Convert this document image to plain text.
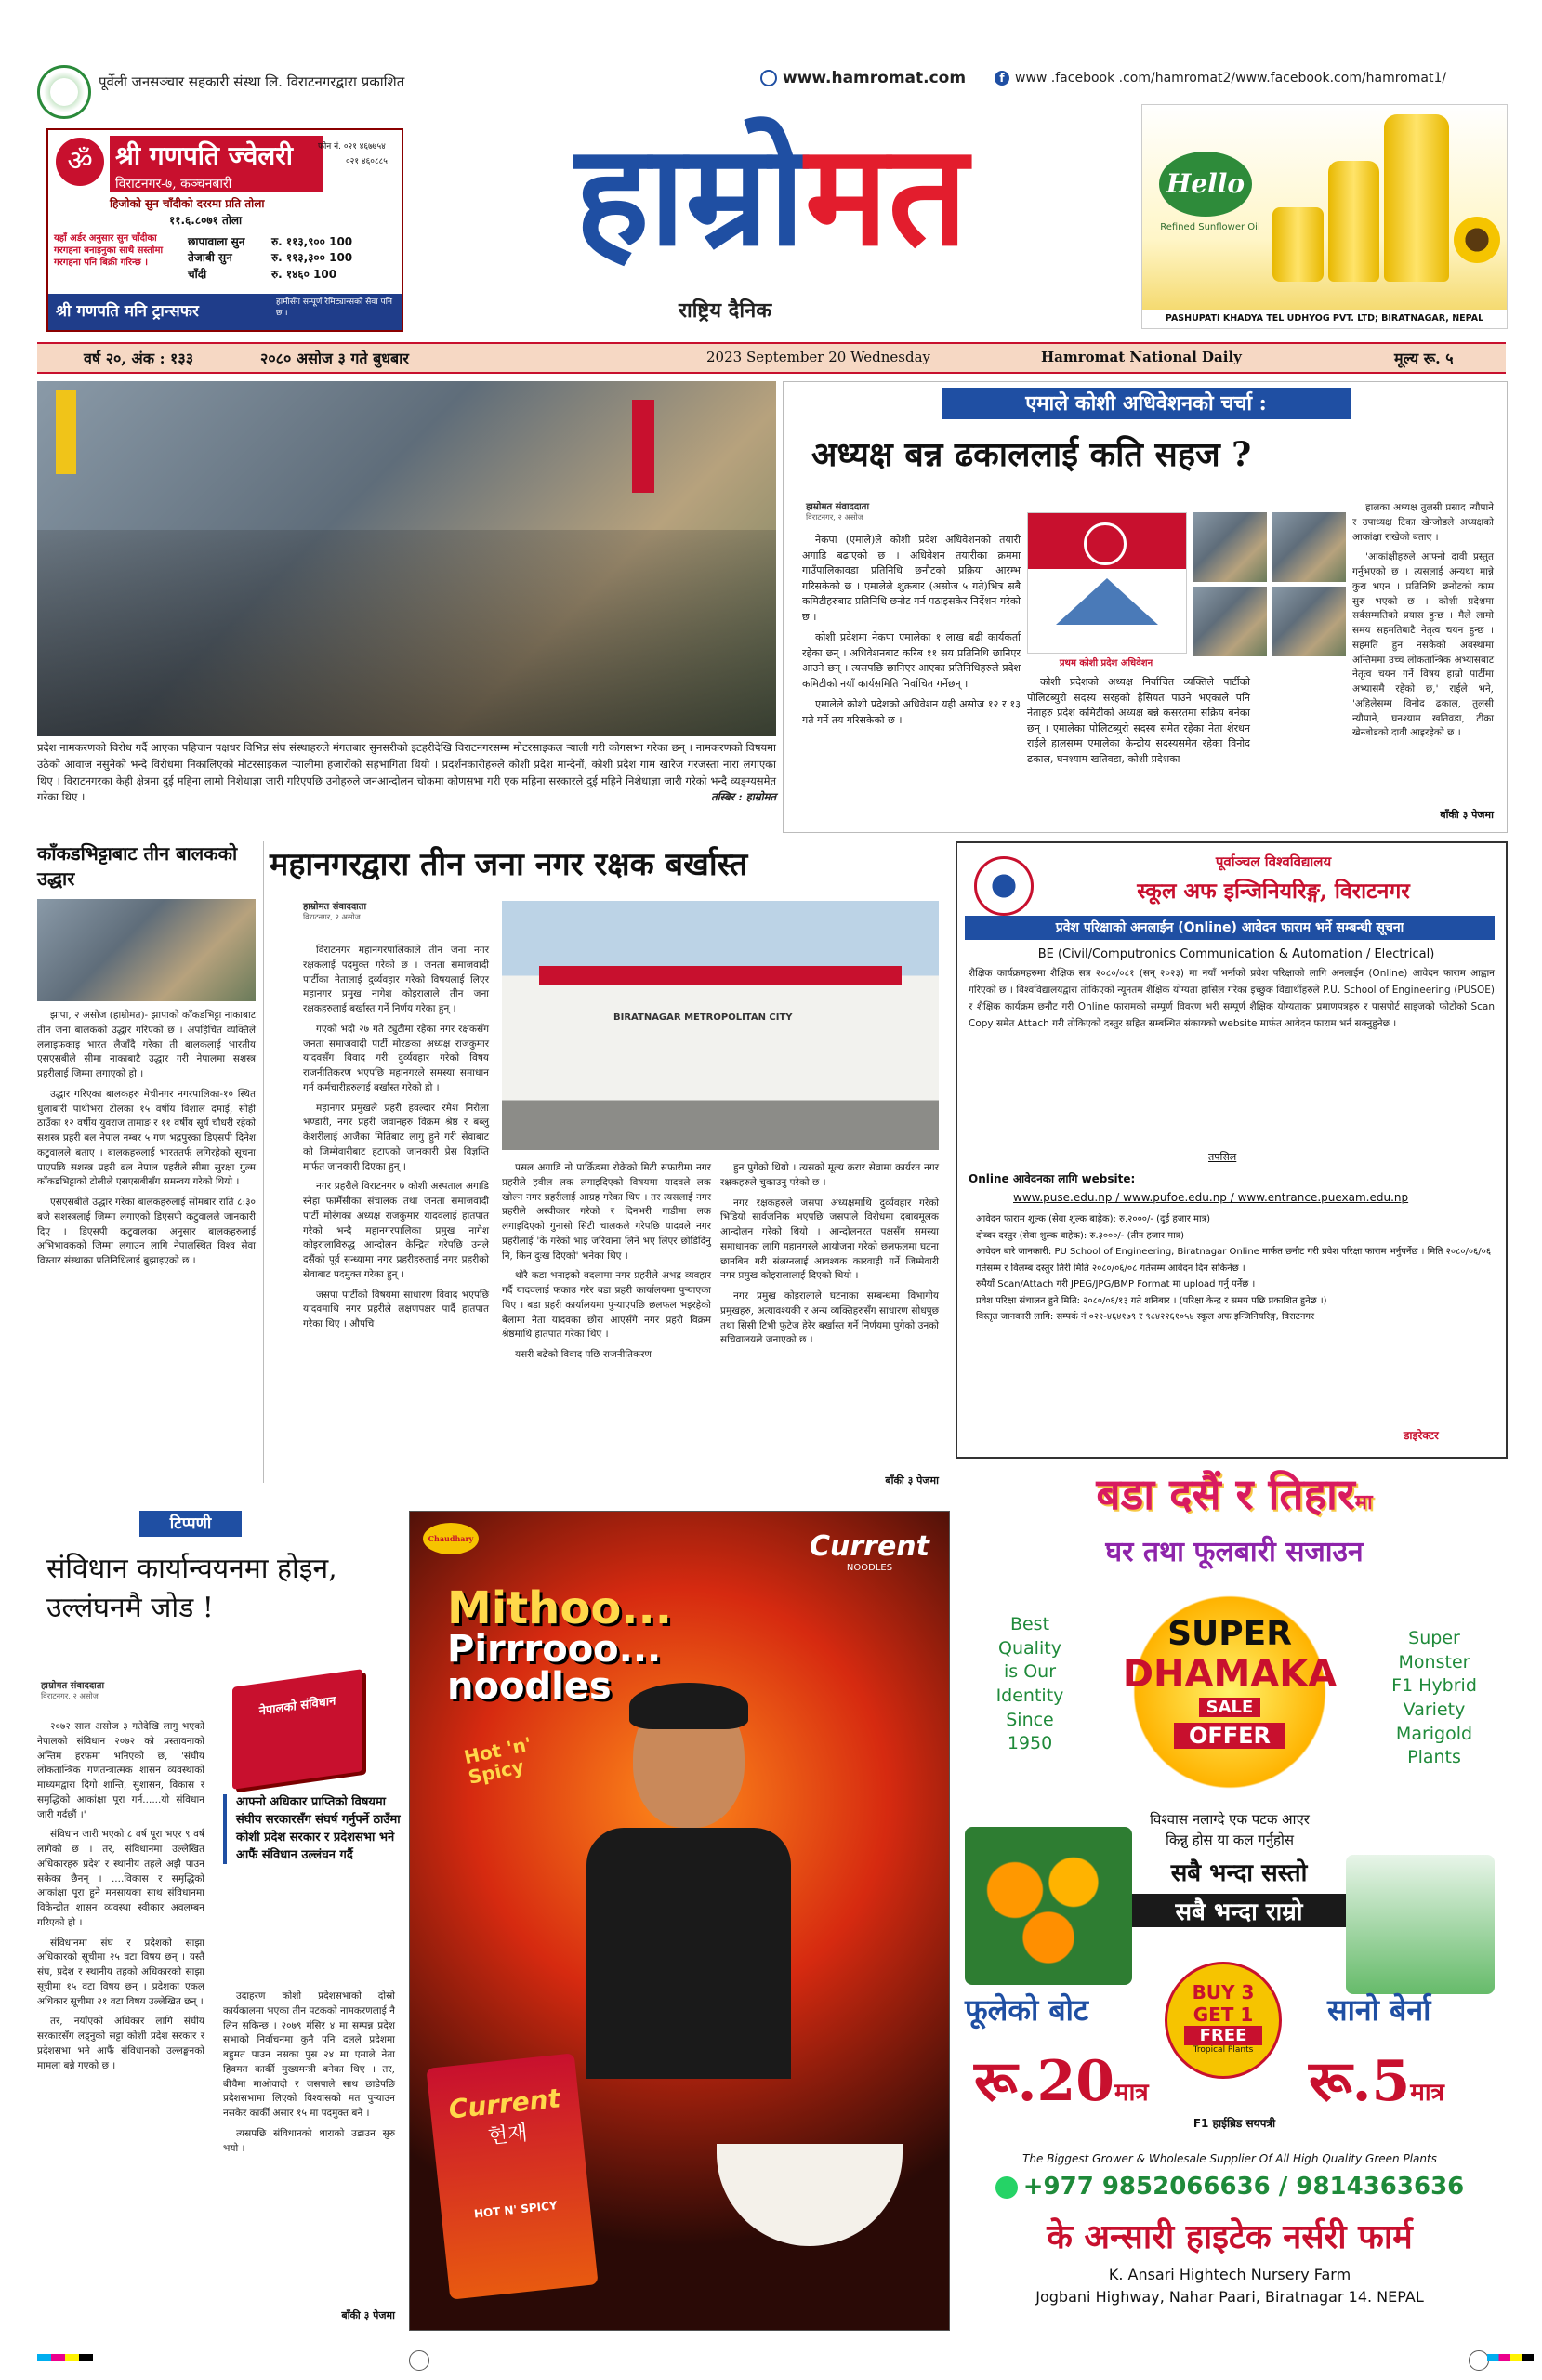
पूर्वेली जनसञ्चार सहकारी संस्था लि. विराटनगरद्वारा प्रकाशित	www.hamromat.com	f www .facebook .com/hamromat2/www.facebook.com/hamromat1/
ॐ श्री गणपति ज्वेलरी
विराटनगर-७, कञ्चनबारी
फोन नं. ०२१ ४६७७५४
०२१ ४६०८८५
हिजोको सुन चाँदीको दररमा प्रति तोला
११.६.८०७१ तोला
यहाँ अर्डर अनुसार सुन चाँदीका गरगहना बनाइनुका साथै सस्तोमा गरगहना पनि बिक्री गरिन्छ ।
छापावाला सुन रु. ११३,९०० 100
तेजाबी सुन	रु. ११३,३०० 100
चाँदी	रु. १४६० 100
श्री गणपति मनि ट्रान्सफर	हामीसँग सम्पूर्ण रेमिट्यान्सको सेवा पनि छ ।
हाम्रोमत
राष्ट्रिय दैनिक
Hello
Refined Sunflower Oil
PASHUPATI KHADYA TEL UDHYOG PVT. LTD; BIRATNAGAR, NEPAL
वर्ष २०, अंक : १३३	२०८० असोज ३ गते बुधबार	2023 September 20 Wednesday	Hamromat National Daily	मूल्य रू. ५
प्रदेश नामकरणको विरोध गर्दै आएका पहिचान पक्षधर विभिन्न संघ संस्थाहरुले मंगलबार सुनसरीको इटहरीदेखि विराटनगरसम्म मोटरसाइकल र्‍याली गरी कोगसभा गरेका छन् । नामकरणको विषयमा उठेको आवाज नसुनेको भन्दै विरोधमा निकालिएको मोटरसाइकल र्‍यालीमा हजारौंको सहभागिता थियो । प्रदर्शनकारीहरुले कोशी प्रदेश मान्दैनौं, कोशी प्रदेश गाम खारेज गरजस्ता नारा लगाएका थिए । विराटनगरका केही क्षेत्रमा दुई महिना लामो निशेधाज्ञा जारी गरिएपछि उनीहरुले जनआन्दोलन चोकमा कोणसभा गरी एक महिना सरकारले दुई महिने निशेधाज्ञा जारी गरेको भन्दै व्यङ्ग्यसमेत गरेका थिए ।	तस्बिर : हाम्रोमत
एमाले कोशी अधिवेशनको चर्चा :
अध्यक्ष बन्न ढकाललाई कति सहज ?
हाम्रोमत संवाददाता
विराटनगर, २ असोज

नेकपा (एमाले)ले कोशी प्रदेश अधिवेशनको तयारी अगाडि बढाएको छ । अधिवेशन तयारीका क्रममा गाउँपालिकावडा प्रतिनिधि छनौटको प्रक्रिया आरम्भ गरिसकेको छ । एमालेले शुक्रबार (असोज ५ गते)भित्र सबै कमिटीहरुबाट प्रतिनिधि छनोट गर्न पठाइसकेर निर्देशन गरेको छ ।

कोशी प्रदेशमा नेकपा एमालेका १ लाख बढी कार्यकर्ता रहेका छन् । अधिवेशनबाट करिब ११ सय प्रतिनिधि छानिएर आउने छन् । त्यसपछि छानिएर आएका प्रतिनिधिहरुले प्रदेश कमिटीको नयाँ कार्यसमिति निर्वाचित गर्नेछन् ।

एमालेले कोशी प्रदेशको अधिवेशन यही असोज १२ र १३ गते गर्ने तय गरिसकेको छ ।

प्रथम कोशी प्रदेश अधिवेशन

कोशी प्रदेशको अध्यक्ष निर्वाचित व्यक्तिले पार्टीको पोलिटब्युरो सदस्य सरहको हैसियत पाउने भएकाले पनि नेताहरु प्रदेश कमिटीको अध्यक्ष बन्ने कसरतमा सक्रिय बनेका छन् । एमालेका पोलिटब्युरो सदस्य समेत रहेका नेता शेरधन राईले हालसम्म एमालेका केन्द्रीय सदस्यसमेत रहेका विनोद ढकाल, घनश्याम खतिवडा, कोशी प्रदेशका

हालका अध्यक्ष तुलसी प्रसाद न्यौपाने र उपाध्यक्ष टिका खेन्जोडले अध्यक्षको आकांक्षा राखेको बताए ।

'आकांक्षीहरुले आफ्नो दावी प्रस्तुत गर्नुभएको छ । त्यसलाई अन्यथा मान्ने कुरा भएन । प्रतिनिधि छनोटको काम सुरु भएको छ । कोशी प्रदेशमा सर्वसम्मतिको प्रयास हुन्छ । मैले लामो समय सहमतिबाटै नेतृत्व चयन हुन्छ । सहमति हुन नसकेको अवस्थामा अन्तिममा उच्च लोकतान्त्रिक अभ्यासबाट नेतृत्व चयन गर्ने विषय हाम्रो पार्टीमा अभ्यासमै रहेको छ,' राईले भने, 'अहिलेसम्म विनोद ढकाल, तुलसी न्यौपाने, घनश्याम खतिवडा, टीका खेन्जोडको दावी आइरहेको छ ।

बाँकी ३ पेजमा
काँकडभिट्टाबाट तीन बालकको उद्धार

झापा, २ असोज (हाम्रोमत)- झापाको काँकडभिट्टा नाकाबाट तीन जना बालकको उद्धार गरिएको छ । अपहिचित व्यक्तिले ललाइफकाइ भारत लैजाँदै गरेका ती बालकलाई भारतीय एसएसबीले सीमा नाकाबाटै उद्धार गरी नेपालमा सशस्त्र प्रहरीलाई जिम्मा लगाएको हो ।

उद्धार गरिएका बालकहरु मेचीनगर नगरपालिका-१० स्थित धुलाबारी पाथीभरा टोलका १५ वर्षीय विशाल दमाई, सोही ठाउँका १२ वर्षीय युवराज तामाङ र ११ वर्षीय सूर्य चौधरी रहेको सशस्त्र प्रहरी बल नेपाल नम्बर ५ गण भद्रपुरका डिएसपी दिनेश कटुवालले बताए । बालकहरुलाई भारततर्फ लगिरहेको सूचना पाएपछि सशस्त्र प्रहरी बल नेपाल प्रहरीले सीमा सुरक्षा गुल्म काँकडभिट्टाको टोलीले एसएसबीसँग समन्वय गरेको थियो ।

एसएसबीले उद्धार गरेका बालकहरुलाई सोमबार राति ८:३० बजे सशस्त्रलाई जिम्मा लगाएको डिएसपी कटुवालले जानकारी दिए । डिएसपी कटुवालका अनुसार बालकहरुलाई अभिभावकको जिम्मा लगाउन लागि नेपालस्थित विश्व सेवा विस्तार संस्थाका प्रतिनिधिलाई बुझाइएको छ ।

महानगरद्वारा तीन जना नगर रक्षक बर्खास्त
हाम्रोमत संवाददाता
विराटनगर, २ असोज

विराटनगर महानगरपालिकाले तीन जना नगर रक्षकलाई पदमुक्त गरेको छ । जनता समाजवादी पार्टीका नेतालाई दुर्व्यवहार गरेको विषयलाई लिएर महानगर प्रमुख नागेश कोइरालाले तीन जना रक्षकहरुलाई बर्खास्त गर्ने निर्णय गरेका हुन् ।

गएको भदौ २७ गते ट्युटीमा रहेका नगर रक्षकसँग जनता समाजवादी पार्टी मोरङका अध्यक्ष राजकुमार यादवसँग विवाद गरी दुर्व्यवहार गरेको विषय राजनीतिकरण भएपछि महानगरले समस्या समाधान गर्न कर्मचारीहरुलाई बर्खास्त गरेको हो ।

महानगर प्रमुखले प्रहरी हवल्दार रमेश निरौला भण्डारी, नगर प्रहरी जवानहरु विक्रम श्रेष्ठ र बब्लु केशरीलाई आजैका मितिबाट लागु हुने गरी सेवाबाट को जिम्मेवारीबाट हटाएको जानकारी प्रेस विज्ञप्ति मार्फत जानकारी दिएका हुन् ।

नगर प्रहरीले विराटनगर ७ कोशी अस्पताल अगाडि स्नेहा फार्मेसीका संचालक तथा जनता समाजवादी पार्टी मोरंगका अध्यक्ष राजकुमार यादवलाई हातपात गरेको भन्दै महानगरपालिका प्रमुख नागेश कोइरालाविरुद्ध आन्दोलन केन्द्रित गरेपछि उनले दसैंको पूर्व सन्ध्यामा नगर प्रहरीहरुलाई नगर प्रहरीको सेवाबाट पदमुक्त गरेका हुन् ।

जसपा पार्टीको विषयमा साधारण विवाद भएपछि यादवमाथि नगर प्रहरीले लक्षणपक्षर पार्दै हातपात गरेका थिए । औपचि

BIRATNAGAR METROPOLITAN CITY

पसल अगाडि नो पार्किङमा रोकेको मिटी सफारीमा नगर प्रहरीले हवील लक लगाइदिएको विषयमा यादवले लक खोल्न नगर प्रहरीलाई आग्रह गरेका थिए । तर त्यसलाई नगर प्रहरीले अस्वीकार गरेको र दिनभरी गाडीमा लक लगाइदिएको गुनासो सिटी चालकले गरेपछि यादवले नगर प्रहरीलाई 'के गरेको भाइ जरिवाना लिने भए लिएर छोडिदिनु नि, किन दुःख दिएको' भनेका थिए ।

थोरै कडा भनाइको बदलामा नगर प्रहरीले अभद्र व्यवहार गर्दै यादवलाई फकाउ गरेर बडा प्रहरी कार्यालयमा पुऱ्याएका थिए । बडा प्रहरी कार्यालयमा पुऱ्याएपछि छलफल भइरहेको बेलामा नेता यादवका छोरा आएसँगै नगर प्रहरी विक्रम श्रेष्ठमाथि हातपात गरेका थिए ।

यसरी बढेको विवाद पछि राजनीतिकरण

हुन पुगेको थियो । त्यसको मूल्य करार सेवामा कार्यरत नगर रक्षकहरुले चुकाउनु परेको छ ।

नगर रक्षकहरुले जसपा अध्यक्षमाथि दुर्व्यवहार गरेको भिडियो सार्वजनिक भएपछि जसपाले विरोधमा दबाबमूलक आन्दोलन गरेको थियो । आन्दोलनरत पक्षसँग समस्या समाधानका लागि महानगरले आयोजना गरेको छलफलमा घटना छानबिन गरी संलग्नलाई आवश्यक कारवाही गर्ने जिम्मेवारी नगर प्रमुख कोइरालालाई दिएको थियो ।

नगर प्रमुख कोइरालाले घटनाका सम्बन्धमा विभागीय प्रमुखहरु, अत्यावश्यकी र अन्य व्यक्तिहरुसँग साधारण सोधपुछ तथा सिसी टिभी फुटेज हेरेर बर्खास्त गर्ने निर्णयमा पुगेको उनको सचिवालयले जनाएको छ ।

बाँकी ३ पेजमा
पूर्वाञ्चल विश्वविद्यालय
स्कूल अफ इन्जिनियरिङ्ग, विराटनगर
प्रवेश परिक्षाको अनलाईन (Online) आवेदन फाराम भर्ने सम्बन्धी सूचना
BE (Civil/Computronics Communication & Automation / Electrical)
शैक्षिक कार्यक्रमहरुमा शैक्षिक सत्र २०८०/०८१ (सन् २०२३) मा नयाँ भर्नाको प्रवेश परिक्षाको लागि अनलाईन (Online) आवेदन फाराम आह्वान गरिएको छ । विश्वविद्यालयद्वारा तोकिएको न्यूनतम शैक्षिक योग्यता हासिल गरेका इच्छुक विद्यार्थीहरुले P.U. School of Engineering (PUSOE) र शैक्षिक कार्यक्रम छनौट गरी Online फारामको सम्पूर्ण विवरण भरी सम्पूर्ण शैक्षिक योग्यताका प्रमाणपत्रहरु र पासपोर्ट साइजको फोटोको Scan Copy समेत Attach गरी तोकिएको दस्तुर सहित सम्बन्धित संकायको website मार्फत आवेदन फाराम भर्न सक्नुहुनेछ ।
तपसिल
Online आवेदनका लागि website:
www.puse.edu.np / www.pufoe.edu.np / www.entrance.puexam.edu.np
आवेदन फाराम शुल्क (सेवा शुल्क बाहेक): रु.२०००/- (दुई हजार मात्र)
दोब्बर दस्तुर (सेवा शुल्क बाहेक): रु.३०००/- (तीन हजार मात्र)
आवेदन बारे जानकारी: PU School of Engineering, Biratnagar Online मार्फत छनौट गरी प्रवेश परिक्षा फाराम भर्नुपर्नेछ । मिति २०८०/०६/०६ गतेसम्म र विलम्ब दस्तुर तिरी मिति २०८०/०६/०८ गतेसम्म आवेदन दिन सकिनेछ ।
रुपैयाँ Scan/Attach गरी JPEG/JPG/BMP Format मा upload गर्नु पर्नेछ ।
प्रवेश परिक्षा संचालन हुने मिति: २०८०/०६/१३ गते शनिबार । (परिक्षा केन्द्र र समय पछि प्रकाशित हुनेछ ।)
विस्तृत जानकारी लागि: सम्पर्क नं ०२१-४६४१७९ र ९८४२२६१०५४ स्कूल अफ इन्जिनियरिङ्ग, विराटनगर
डाइरेक्टर
टिप्पणी
संविधान कार्यान्वयनमा होइन, उल्लंघनमै जोड !
हाम्रोमत संवाददाता
विराटनगर, २ असोज	नेपालको संविधान

२०७२ साल असोज ३ गतेदेखि लागु भएको नेपालको संविधान २०७२ को प्रस्तावनाको अन्तिम हरफमा भनिएको छ, 'संघीय लोकतान्त्रिक गणतन्त्रात्मक शासन व्यवस्थाको माध्यमद्वारा दिगो शान्ति, सुशासन, विकास र समृद्धिको आकांक्षा पूरा गर्न......यो संविधान जारी गर्दछौं ।'

संविधान जारी भएको ८ वर्ष पूरा भएर ९ वर्ष लागेको छ । तर, संविधानमा उल्लेखित अधिकारहरु प्रदेश र स्थानीय तहले अझै पाउन सकेका छैनन् । ....विकास र समृद्धिको आकांक्षा पूरा हुने मनसायका साथ संविधानमा विकेन्द्रीत शासन व्यवस्था स्वीकार अवलम्बन गरिएको हो ।

संविधानमा संघ र प्रदेशको साझा अधिकारको सूचीमा २५ वटा विषय छन् । यस्तै संघ, प्रदेश र स्थानीय तहको अधिकारको साझा सूचीमा १५ वटा विषय छन् । प्रदेशका एकल अधिकार सूचीमा २१ वटा विषय उल्लेखित छन् ।

तर, नयाँएको अधिकार लागि संघीय सरकारसँग लड्नुको सट्टा कोशी प्रदेश सरकार र प्रदेशसभा भने आफैं संविधानको उल्लङ्घनको मामला बन्ने गएको छ ।

आफ्नो अधिकार प्राप्तिको विषयमा संघीय सरकारसँग संघर्ष गर्नुपर्ने ठाउँमा कोशी प्रदेश सरकार र प्रदेशसभा भने आफैं संविधान उल्लंघन गर्दै

उदाहरण कोशी प्रदेशसभाको दोस्रो कार्यकालमा भएका तीन पटकको नामकरणलाई नै लिन सकिन्छ । २०७९ मंसिर ४ मा सम्पन्न प्रदेश सभाको निर्वाचनमा कुनै पनि दलले प्रदेशमा बहुमत पाउन नसका पुस २४ मा एमाले नेता हिक्मत कार्की मुख्यमन्त्री बनेका थिए । तर, बीचैमा माओवादी र जसपाले साथ छाडेपछि प्रदेशसभामा लिएको विश्वासको मत पुऱ्याउन नसकेर कार्की असार १५ मा पदमुक्त बने ।

त्यसपछि संविधानको धाराको उडाउन सुरु भयो ।

बाँकी ३ पेजमा
Chaudhary	Current
NOODLES
Mithoo...
Pirrrooo...
noodles
Hot 'n' Spicy
Current
현재
HOT N' SPICY
बडा दसैं र तिहारमा
घर तथा फूलबारी सजाउन
Best
Quality
is Our
Identity
Since
1950
Super
Monster
F1 Hybrid
Variety
Marigold
Plants
SUPER
DHAMAKA
SALE
OFFER
विश्वास नलाग्दे एक पटक आएर
किन्नु होस या कल गर्नुहोस
सबै भन्दा सस्तो
सबै भन्दा राम्रो
फूलेको बोट	सानो बेर्ना
BUY 3
GET 1
FREE
Tropical Plants
रू.20मात्र
F1 हाईब्रिड सयपत्री
रू.5मात्र
The Biggest Grower & Wholesale Supplier Of All High Quality Green Plants
+977 9852066636 / 9814363636
के अन्सारी हाइटेक नर्सरी फार्म
K. Ansari Hightech Nursery Farm
Jogbani Highway, Nahar Paari, Biratnagar 14. NEPAL
